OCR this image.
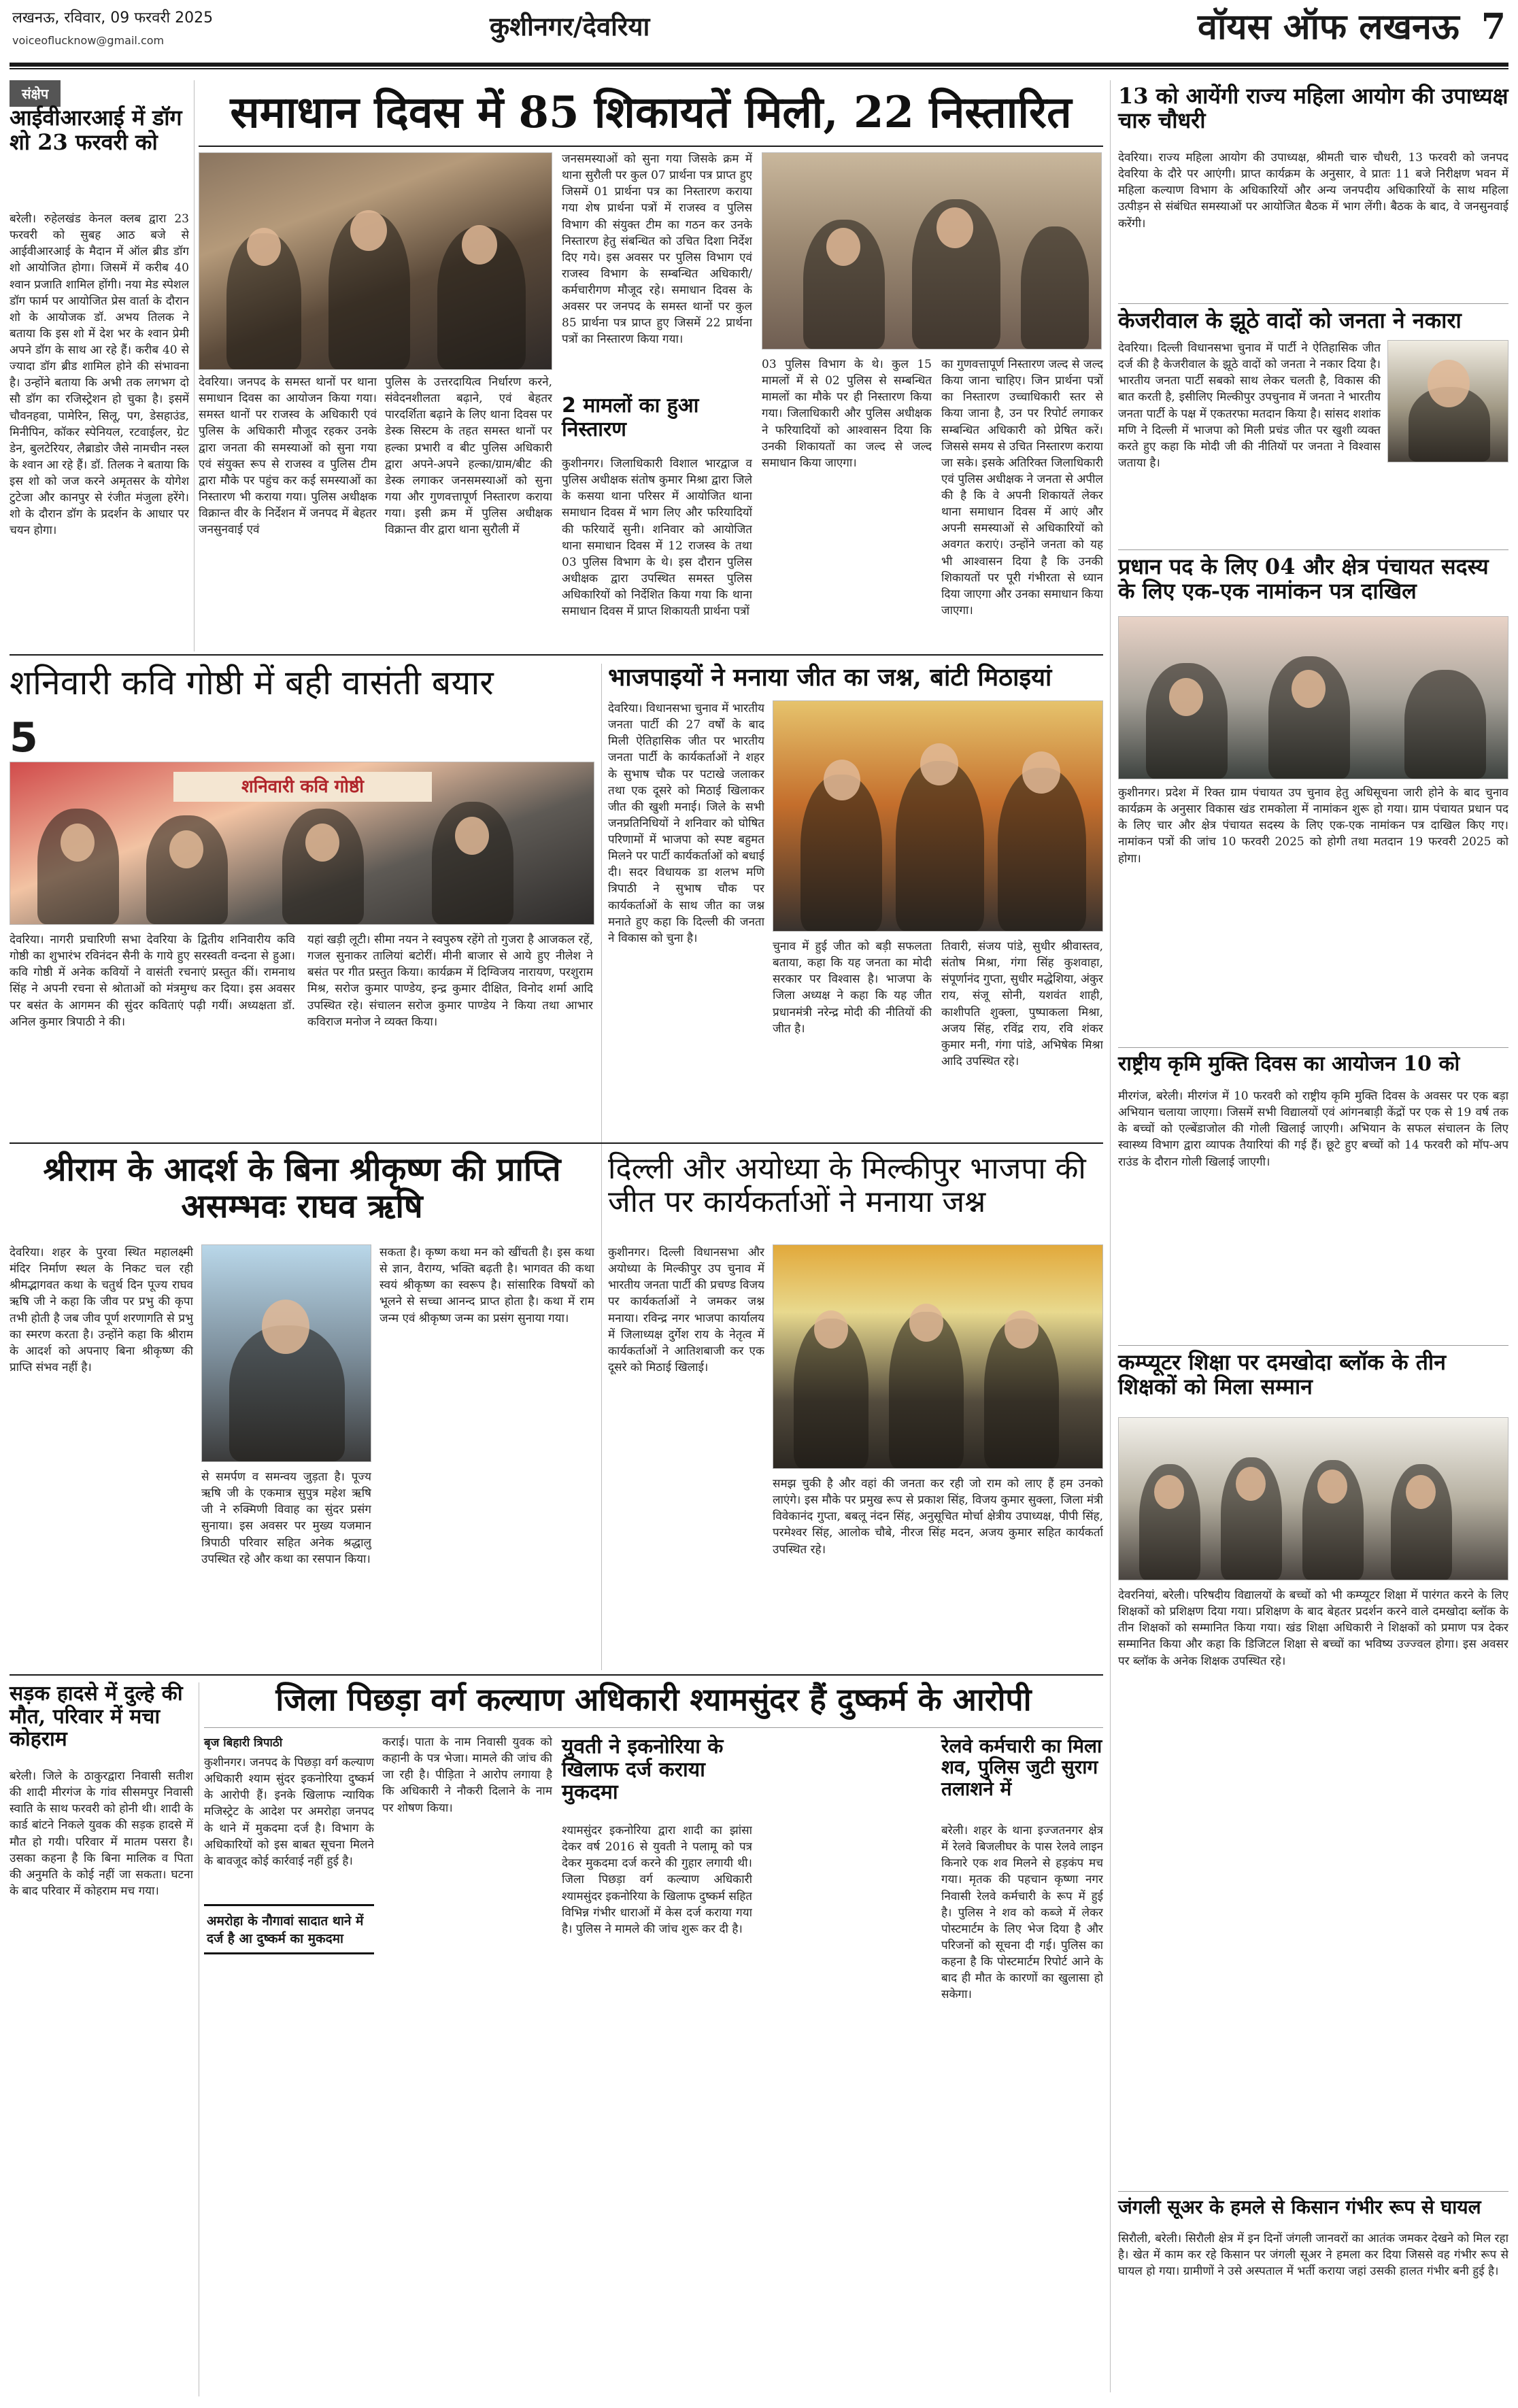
लखनऊ, रविवार, 09 फरवरी 2025
voiceoflucknow@gmail.com	कुशीनगर/देवरिया	वॉयस ऑफ लखनऊ 7
संक्षेप
आईवीआरआई में डॉग शो 23 फरवरी को
बरेली। रुहेलखंड केनल क्लब द्वारा 23 फरवरी को सुबह आठ बजे से आईवीआरआई के मैदान में ऑल ब्रीड डॉग शो आयोजित होगा। जिसमें में करीब 40 श्वान प्रजाति शामिल होंगी। नया मेड स्पेशल डॉग फार्म पर आयोजित प्रेस वार्ता के दौरान शो के आयोजक डॉ. अभय तिलक ने बताया कि इस शो में देश भर के श्वान प्रेमी अपने डॉग के साथ आ रहे हैं। करीब 40 से ज्यादा डॉग ब्रीड शामिल होने की संभावना है। उन्होंने बताया कि अभी तक लगभग दो सौ डॉग का रजिस्ट्रेशन हो चुका है। इसमें चौवनहवा, पामेरिन, सिलू, पग, डेसहाउंड, मिनीपिन, कॉकर स्पेनियल, रटवाईलर, ग्रेट डेन, बुलटेरियर, लैब्राडोर जैसे नामचीन नस्ल के श्वान आ रहे हैं। डॉ. तिलक ने बताया कि इस शो को जज करने अमृतसर के योगेश टुटेजा और कानपुर से रंजीत मंजुला हरेंगे। शो के दौरान डॉग के प्रदर्शन के आधार पर चयन होगा।
समाधान दिवस में 85 शिकायतें मिली, 22 निस्तारित
देवरिया। जनपद के समस्त थानों पर थाना समाधान दिवस का आयोजन किया गया। समस्त थानों पर राजस्व के अधिकारी एवं पुलिस के अधिकारी मौजूद रहकर उनके द्वारा जनता की समस्याओं को सुना गया एवं संयुक्त रूप से राजस्व व पुलिस टीम द्वारा मौके पर पहुंच कर कई समस्याओं का निस्तारण भी कराया गया। पुलिस अधीक्षक विक्रान्त वीर के निर्देशन में जनपद में बेहतर जनसुनवाई एवं
पुलिस के उत्तरदायित्व निर्धारण करने, संवेदनशीलता बढ़ाने, एवं बेहतर पारदर्शिता बढ़ाने के लिए थाना दिवस पर डेस्क सिस्टम के तहत समस्त थानों पर हल्का प्रभारी व बीट पुलिस अधिकारी द्वारा अपने-अपने हल्का/ग्राम/बीट की डेस्क लगाकर जनसमस्याओं को सुना गया और गुणवत्तापूर्ण निस्तारण कराया गया। इसी क्रम में पुलिस अधीक्षक विक्रान्त वीर द्वारा थाना सुरौली में
जनसमस्याओं को सुना गया जिसके क्रम में थाना सुरौली पर कुल 07 प्रार्थना पत्र प्राप्त हुए जिसमें 01 प्रार्थना पत्र का निस्तारण कराया गया शेष प्रार्थना पत्रों में राजस्व व पुलिस विभाग की संयुक्त टीम का गठन कर उनके निस्तारण हेतु संबन्धित को उचित दिशा निर्देश दिए गये। इस अवसर पर पुलिस विभाग एवं राजस्व विभाग के सम्बन्धित अधिकारी/कर्मचारीगण मौजूद रहे। समाधान दिवस के अवसर पर जनपद के समस्त थानों पर कुल 85 प्रार्थना पत्र प्राप्त हुए जिसमें 22 प्रार्थना पत्रों का निस्तारण किया गया।
2 मामलों का हुआ निस्तारण
कुशीनगर। जिलाधिकारी विशाल भारद्वाज व पुलिस अधीक्षक संतोष कुमार मिश्रा द्वारा जिले के कसया थाना परिसर में आयोजित थाना समाधान दिवस में भाग लिए और फरियादियों की फरियादें सुनी। शनिवार को आयोजित थाना समाधान दिवस में 12 राजस्व के तथा 03 पुलिस विभाग के थे। इस दौरान पुलिस अधीक्षक द्वारा उपस्थित समस्त पुलिस अधिकारियों को निर्देशित किया गया कि थाना समाधान दिवस में प्राप्त शिकायती प्रार्थना पत्रों
03 पुलिस विभाग के थे। कुल 15 मामलों में से 02 पुलिस से सम्बन्धित मामलों का मौके पर ही निस्तारण किया गया। जिलाधिकारी और पुलिस अधीक्षक ने फरियादियों को आश्वासन दिया कि उनकी शिकायतों का जल्द से जल्द समाधान किया जाएगा।
का गुणवत्तापूर्ण निस्तारण जल्द से जल्द किया जाना चाहिए। जिन प्रार्थना पत्रों का निस्तारण उच्चाधिकारी स्तर से किया जाना है, उन पर रिपोर्ट लगाकर सम्बन्धित अधिकारी को प्रेषित करें। जिससे समय से उचित निस्तारण कराया जा सके। इसके अतिरिक्त जिलाधिकारी एवं पुलिस अधीक्षक ने जनता से अपील की है कि वे अपनी शिकायतें लेकर थाना समाधान दिवस में आएं और अपनी समस्याओं से अधिकारियों को अवगत कराएं। उन्होंने जनता को यह भी आश्वासन दिया है कि उनकी शिकायतों पर पूरी गंभीरता से ध्यान दिया जाएगा और उनका समाधान किया जाएगा।
13 को आयेंगी राज्य महिला आयोग की उपाध्यक्ष चारु चौधरी
देवरिया। राज्य महिला आयोग की उपाध्यक्ष, श्रीमती चारु चौधरी, 13 फरवरी को जनपद देवरिया के दौरे पर आएंगी। प्राप्त कार्यक्रम के अनुसार, वे प्रातः 11 बजे निरीक्षण भवन में महिला कल्याण विभाग के अधिकारियों और अन्य जनपदीय अधिकारियों के साथ महिला उत्पीड़न से संबंधित समस्याओं पर आयोजित बैठक में भाग लेंगी। बैठक के बाद, वे जनसुनवाई करेंगी।
केजरीवाल के झूठे वादों को जनता ने नकारा
देवरिया। दिल्ली विधानसभा चुनाव में पार्टी ने ऐतिहासिक जीत दर्ज की है केजरीवाल के झूठे वादों को जनता ने नकार दिया है। भारतीय जनता पार्टी सबको साथ लेकर चलती है, विकास की बात करती है, इसीलिए मिल्कीपुर उपचुनाव में जनता ने भारतीय जनता पार्टी के पक्ष में एकतरफा मतदान किया है। सांसद शशांक मणि ने दिल्ली में भाजपा को मिली प्रचंड जीत पर खुशी व्यक्त करते हुए कहा कि मोदी जी की नीतियों पर जनता ने विश्वास जताया है।
प्रधान पद के लिए 04 और क्षेत्र पंचायत सदस्य के लिए एक-एक नामांकन पत्र दाखिल
कुशीनगर। प्रदेश में रिक्त ग्राम पंचायत उप चुनाव हेतु अधिसूचना जारी होने के बाद चुनाव कार्यक्रम के अनुसार विकास खंड रामकोला में नामांकन शुरू हो गया। ग्राम पंचायत प्रधान पद के लिए चार और क्षेत्र पंचायत सदस्य के लिए एक-एक नामांकन पत्र दाखिल किए गए। नामांकन पत्रों की जांच 10 फरवरी 2025 को होगी तथा मतदान 19 फरवरी 2025 को होगा।
राष्ट्रीय कृमि मुक्ति दिवस का आयोजन 10 को
मीरगंज, बरेली। मीरगंज में 10 फरवरी को राष्ट्रीय कृमि मुक्ति दिवस के अवसर पर एक बड़ा अभियान चलाया जाएगा। जिसमें सभी विद्यालयों एवं आंगनबाड़ी केंद्रों पर एक से 19 वर्ष तक के बच्चों को एल्बेंडाजोल की गोली खिलाई जाएगी। अभियान के सफल संचालन के लिए स्वास्थ्य विभाग द्वारा व्यापक तैयारियां की गई हैं। छूटे हुए बच्चों को 14 फरवरी को मॉप-अप राउंड के दौरान गोली खिलाई जाएगी।
कम्प्यूटर शिक्षा पर दमखोदा ब्लॉक के तीन शिक्षकों को मिला सम्मान
देवरनियां, बरेली। परिषदीय विद्यालयों के बच्चों को भी कम्प्यूटर शिक्षा में पारंगत करने के लिए शिक्षकों को प्रशिक्षण दिया गया। प्रशिक्षण के बाद बेहतर प्रदर्शन करने वाले दमखोदा ब्लॉक के तीन शिक्षकों को सम्मानित किया गया। खंड शिक्षा अधिकारी ने शिक्षकों को प्रमाण पत्र देकर सम्मानित किया और कहा कि डिजिटल शिक्षा से बच्चों का भविष्य उज्ज्वल होगा। इस अवसर पर ब्लॉक के अनेक शिक्षक उपस्थित रहे।
जंगली सूअर के हमले से किसान गंभीर रूप से घायल
सिरौली, बरेली। सिरौली क्षेत्र में इन दिनों जंगली जानवरों का आतंक जमकर देखने को मिल रहा है। खेत में काम कर रहे किसान पर जंगली सूअर ने हमला कर दिया जिससे वह गंभीर रूप से घायल हो गया। ग्रामीणों ने उसे अस्पताल में भर्ती कराया जहां उसकी हालत गंभीर बनी हुई है।
शनिवारी कवि गोष्ठी में बही वासंती बयार
5
शनिवारी कवि गोष्ठी
देवरिया। नागरी प्रचारिणी सभा देवरिया के द्वितीय शनिवारीय कवि गोष्ठी का शुभारंभ रविनंदन सैनी के गाये हुए सरस्वती वन्दना से हुआ। कवि गोष्ठी में अनेक कवियों ने वासंती रचनाएं प्रस्तुत कीं। रामनाथ सिंह ने अपनी रचना से श्रोताओं को मंत्रमुग्ध कर दिया। इस अवसर पर बसंत के आगमन की सुंदर कविताएं पढ़ी गयीं। अध्यक्षता डॉ. अनिल कुमार त्रिपाठी ने की।
यहां खड़ी लूटी। सीमा नयन ने स्वपुरुष रहेंगे तो गुजरा है आजकल रहें, गजल सुनाकर तालियां बटोरीं। मीनी बाजार से आये हुए नीलेश ने बसंत पर गीत प्रस्तुत किया। कार्यक्रम में दिग्विजय नारायण, परशुराम मिश्र, सरोज कुमार पाण्डेय, इन्द्र कुमार दीक्षित, विनोद शर्मा आदि उपस्थित रहे। संचालन सरोज कुमार पाण्डेय ने किया तथा आभार कविराज मनोज ने व्यक्त किया।
भाजपाइयों ने मनाया जीत का जश्न, बांटी मिठाइयां
देवरिया। विधानसभा चुनाव में भारतीय जनता पार्टी की 27 वर्षों के बाद मिली ऐतिहासिक जीत पर भारतीय जनता पार्टी के कार्यकर्ताओं ने शहर के सुभाष चौक पर पटाखे जलाकर तथा एक दूसरे को मिठाई खिलाकर जीत की खुशी मनाई। जिले के सभी जनप्रतिनिधियों ने शनिवार को घोषित परिणामों में भाजपा को स्पष्ट बहुमत मिलने पर पार्टी कार्यकर्ताओं को बधाई दी। सदर विधायक डा शलभ मणि त्रिपाठी ने सुभाष चौक पर कार्यकर्ताओं के साथ जीत का जश्न मनाते हुए कहा कि दिल्ली की जनता ने विकास को चुना है।
चुनाव में हुई जीत को बड़ी सफलता बताया, कहा कि यह जनता का मोदी सरकार पर विश्वास है। भाजपा के जिला अध्यक्ष ने कहा कि यह जीत प्रधानमंत्री नरेन्द्र मोदी की नीतियों की जीत है।
तिवारी, संजय पांडे, सुधीर श्रीवास्तव, संतोष मिश्रा, गंगा सिंह कुशवाहा, संपूर्णानंद गुप्ता, सुधीर मद्धेशिया, अंकुर राय, संजू सोनी, यशवंत शाही, काशीपति शुक्ला, पुष्पाकला मिश्रा, अजय सिंह, रविंद्र राय, रवि शंकर कुमार मनी, गंगा पांडे, अभिषेक मिश्रा आदि उपस्थित रहे।
श्रीराम के आदर्श के बिना श्रीकृष्ण की प्राप्ति असम्भवः राघव ऋषि
देवरिया। शहर के पुरवा स्थित महालक्ष्मी मंदिर निर्माण स्थल के निकट चल रही श्रीमद्भागवत कथा के चतुर्थ दिन पूज्य राघव ऋषि जी ने कहा कि जीव पर प्रभु की कृपा तभी होती है जब जीव पूर्ण शरणागति से प्रभु का स्मरण करता है। उन्होंने कहा कि श्रीराम के आदर्श को अपनाए बिना श्रीकृष्ण की प्राप्ति संभव नहीं है।
सकता है। कृष्ण कथा मन को खींचती है। इस कथा से ज्ञान, वैराग्य, भक्ति बढ़ती है। भागवत की कथा स्वयं श्रीकृष्ण का स्वरूप है। सांसारिक विषयों को भूलने से सच्चा आनन्द प्राप्त होता है। कथा में राम जन्म एवं श्रीकृष्ण जन्म का प्रसंग सुनाया गया।
से समर्पण व समन्वय जुड़ता है। पूज्य ऋषि जी के एकमात्र सुपुत्र महेश ऋषि जी ने रुक्मिणी विवाह का सुंदर प्रसंग सुनाया। इस अवसर पर मुख्य यजमान त्रिपाठी परिवार सहित अनेक श्रद्धालु उपस्थित रहे और कथा का रसपान किया।
दिल्ली और अयोध्या के मिल्कीपुर भाजपा की जीत पर कार्यकर्ताओं ने मनाया जश्न
कुशीनगर। दिल्ली विधानसभा और अयोध्या के मिल्कीपुर उप चुनाव में भारतीय जनता पार्टी की प्रचण्ड विजय पर कार्यकर्ताओं ने जमकर जश्न मनाया। रविन्द्र नगर भाजपा कार्यालय में जिलाध्यक्ष दुर्गेश राय के नेतृत्व में कार्यकर्ताओं ने आतिशबाजी कर एक दूसरे को मिठाई खिलाई।
समझ चुकी है और वहां की जनता कर रही जो राम को लाए हैं हम उनको लाएंगे। इस मौके पर प्रमुख रूप से प्रकाश सिंह, विजय कुमार सुक्ला, जिला मंत्री विवेकानंद गुप्ता, बबलू नंदन सिंह, अनुसूचित मोर्चा क्षेत्रीय उपाध्यक्ष, पीपी सिंह, परमेश्वर सिंह, आलोक चौबे, नीरज सिंह मदन, अजय कुमार सहित कार्यकर्ता उपस्थित रहे।
सड़क हादसे में दुल्हे की मौत, परिवार में मचा कोहराम
बरेली। जिले के ठाकुरद्वारा निवासी सतीश की शादी मीरगंज के गांव सीसमपुर निवासी स्वाति के साथ फरवरी को होनी थी। शादी के कार्ड बांटने निकले युवक की सड़क हादसे में मौत हो गयी। परिवार में मातम पसरा है। उसका कहना है कि बिना मालिक व पिता की अनुमति के कोई नहीं जा सकता। घटना के बाद परिवार में कोहराम मच गया।
जिला पिछड़ा वर्ग कल्याण अधिकारी श्यामसुंदर हैं दुष्कर्म के आरोपी
बृज बिहारी त्रिपाठी
कुशीनगर। जनपद के पिछड़ा वर्ग कल्याण अधिकारी श्याम सुंदर इकनोरिया दुष्कर्म के आरोपी हैं। इनके खिलाफ न्यायिक मजिस्ट्रेट के आदेश पर अमरोहा जनपद के थाने में मुकदमा दर्ज है। विभाग के अधिकारियों को इस बाबत सूचना मिलने के बावजूद कोई कार्रवाई नहीं हुई है।
अमरोहा के नौगावां सादात थाने में दर्ज है आ दुष्कर्म का मुकदमा
कराई। पाता के नाम निवासी युवक को कहानी के पत्र भेजा। मामले की जांच की जा रही है। पीड़िता ने आरोप लगाया है कि अधिकारी ने नौकरी दिलाने के नाम पर शोषण किया।
युवती ने इकनोरिया के खिलाफ दर्ज कराया मुकदमा
श्यामसुंदर इकनोरिया द्वारा शादी का झांसा देकर वर्ष 2016 से युवती ने पलामू को पत्र देकर मुकदमा दर्ज करने की गुहार लगायी थी। जिला पिछड़ा वर्ग कल्याण अधिकारी श्यामसुंदर इकनोरिया के खिलाफ दुष्कर्म सहित विभिन्न गंभीर धाराओं में केस दर्ज कराया गया है। पुलिस ने मामले की जांच शुरू कर दी है।
रेलवे कर्मचारी का मिला शव, पुलिस जुटी सुराग तलाशने में
बरेली। शहर के थाना इज्जतनगर क्षेत्र में रेलवे बिजलीघर के पास रेलवे लाइन किनारे एक शव मिलने से हड़कंप मच गया। मृतक की पहचान कृष्णा नगर निवासी रेलवे कर्मचारी के रूप में हुई है। पुलिस ने शव को कब्जे में लेकर पोस्टमार्टम के लिए भेज दिया है और परिजनों को सूचना दी गई। पुलिस का कहना है कि पोस्टमार्टम रिपोर्ट आने के बाद ही मौत के कारणों का खुलासा हो सकेगा।
